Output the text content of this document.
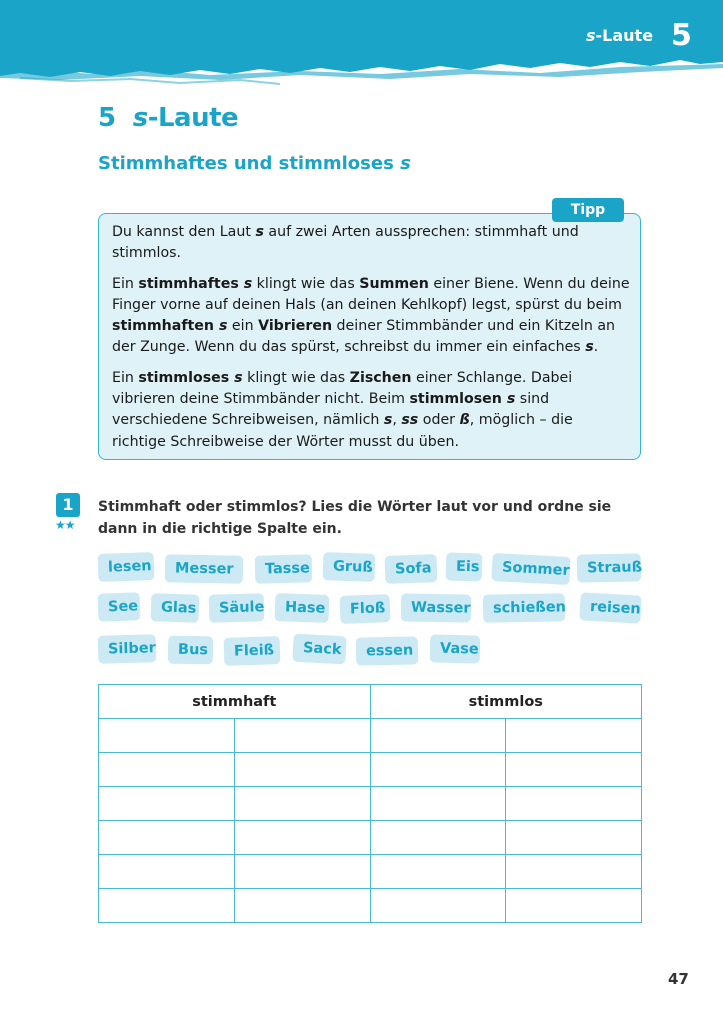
s-Laute 5
5 s-Laute
Stimmhaftes und stimmloses s
Tipp

Du kannst den Laut s auf zwei Arten aussprechen: stimmhaft und stimmlos.

Ein stimmhaftes s klingt wie das Summen einer Biene. Wenn du deine Finger vorne auf deinen Hals (an deinen Kehlkopf) legst, spürst du beim stimmhaften s ein Vibrieren deiner Stimmbänder und ein Kitzeln an der Zunge. Wenn du das spürst, schreibst du immer ein einfaches s.

Ein stimmloses s klingt wie das Zischen einer Schlange. Dabei vibrieren deine Stimmbänder nicht. Beim stimmlosen s sind verschiedene Schreibweisen, nämlich s, ss oder ß, möglich – die richtige Schreibweise der Wörter musst du üben.

1
★★
Stimmhaft oder stimmlos? Lies die Wörter laut vor und ordne sie dann in die richtige Spalte ein.
lesen	Messer	Tasse	Gruß	Sofa	Eis	Sommer	Strauß
See	Glas	Säule	Hase	Floß	Wasser	schießen	reisen
Silber	Bus	Fleiß	Sack	essen	Vase
stimmhaft		stimmlos	

47
